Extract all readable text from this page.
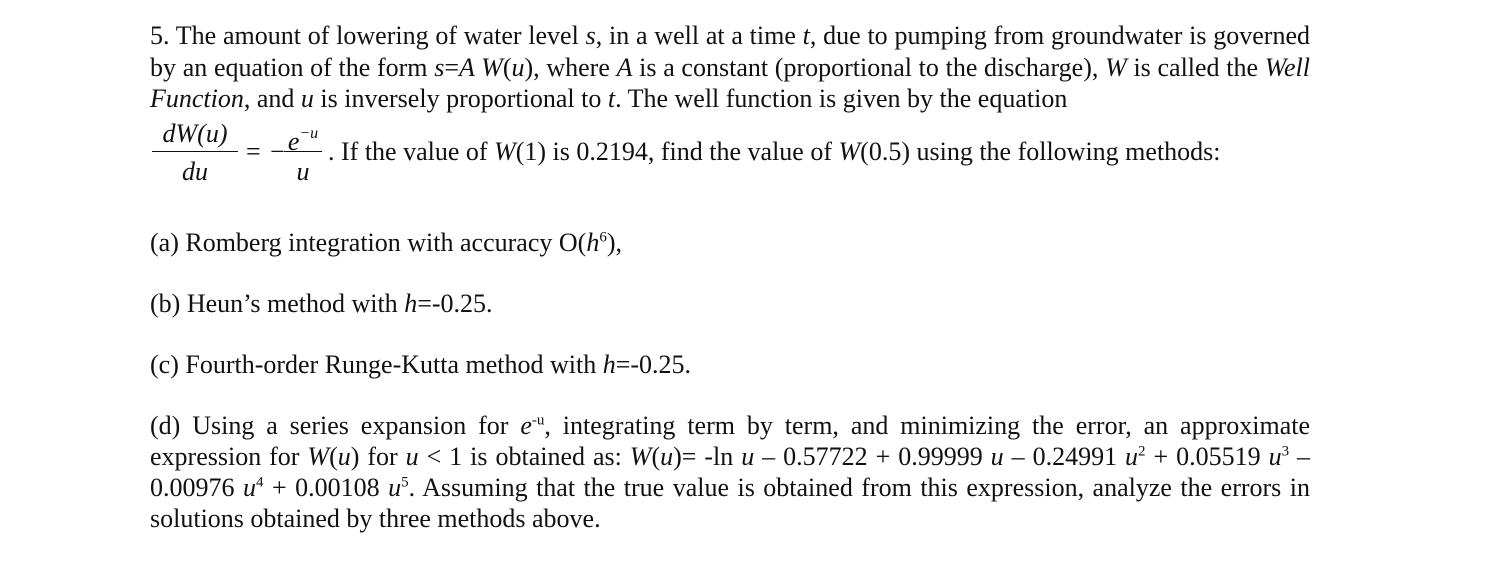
5. The amount of lowering of water level s, in a well at a time t, due to pumping from groundwater is governed by an equation of the form s=A W(u), where A is a constant (proportional to the discharge), W is called the Well Function, and u is inversely proportional to t. The well function is given by the equation

dW(u)
du
= − $e^{-u}$
u
. If the value of W(1) is 0.2194, find the value of W(0.5) using the following methods:

(a) Romberg integration with accuracy $O(h^6)$,

(b) Heun’s method with h=-0.25.

(c) Fourth-order Runge-Kutta method with h=-0.25.

(d) Using a series expansion for $e^{-u}$, integrating term by term, and minimizing the error, an approximate expression for W(u) for u < 1 is obtained as: W(u)= -ln u – 0.57722 + 0.99999 u – 0.24991 $u^2 + 0.05519$ $u^3 - 0.00976$ $u^4 + 0.00108$ $u^5$. Assuming that the true value is obtained from this expression, analyze the errors in solutions obtained by three methods above.
